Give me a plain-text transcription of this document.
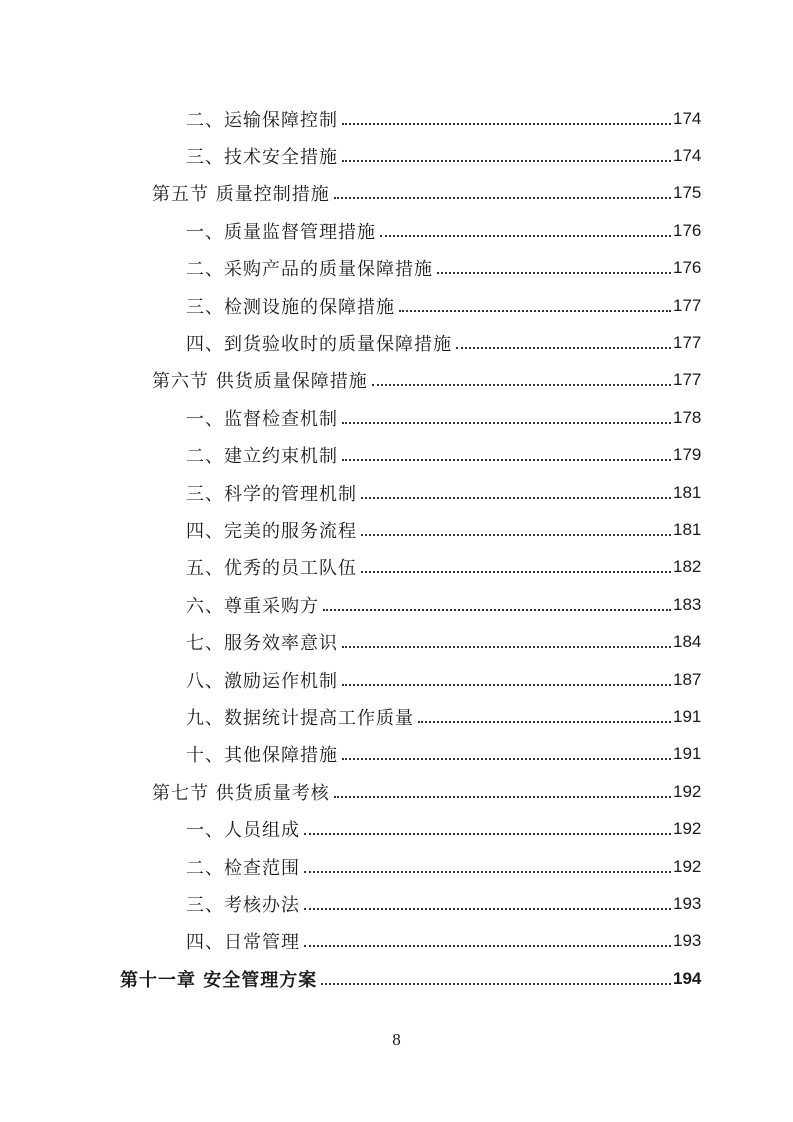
二、运输保障控制	174
三、技术安全措施	174
第五节 质量控制措施	175
一、质量监督管理措施	176
二、采购产品的质量保障措施	176
三、检测设施的保障措施	177
四、到货验收时的质量保障措施	177
第六节 供货质量保障措施	177
一、监督检查机制	178
二、建立约束机制	179
三、科学的管理机制	181
四、完美的服务流程	181
五、优秀的员工队伍	182
六、尊重采购方	183
七、服务效率意识	184
八、激励运作机制	187
九、数据统计提高工作质量	191
十、其他保障措施	191
第七节 供货质量考核	192
一、人员组成	192
二、检查范围	192
三、考核办法	193
四、日常管理	193
第十一章 安全管理方案	194
8
